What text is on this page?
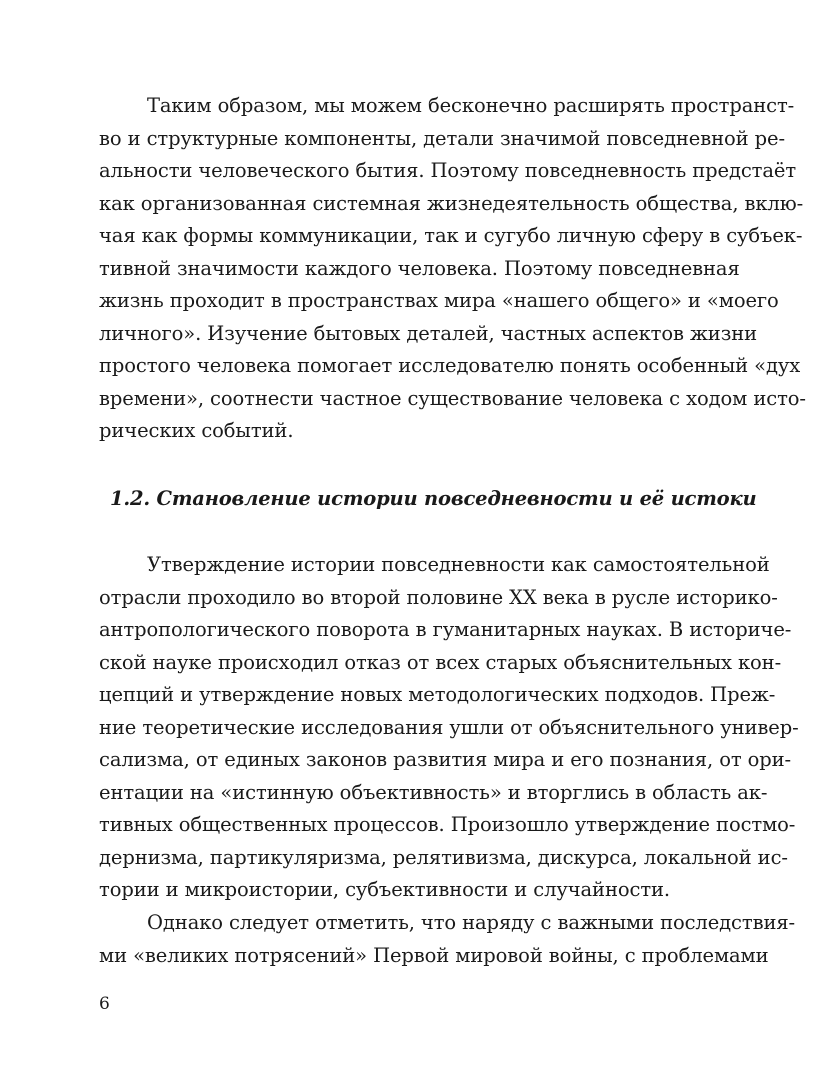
Таким образом, мы можем бесконечно расширять пространст-
во и структурные компоненты, детали значимой повседневной ре-
альности человеческого бытия. Поэтому повседневность предстаёт
как организованная системная жизнедеятельность общества, вклю-
чая как формы коммуникации, так и сугубо личную сферу в субъек-
тивной значимости каждого человека. Поэтому повседневная
жизнь проходит в пространствах мира «нашего общего» и «моего
личного». Изучение бытовых деталей, частных аспектов жизни
простого человека помогает исследователю понять особенный «дух
времени», соотнести частное существование человека с ходом исто-
рических событий.
1.2. Становление истории повседневности и её истоки
Утверждение истории повседневности как самостоятельной
отрасли проходило во второй половине XX века в русле историко-
антропологического поворота в гуманитарных науках. В историче-
ской науке происходил отказ от всех старых объяснительных кон-
цепций и утверждение новых методологических подходов. Преж-
ние теоретические исследования ушли от объяснительного универ-
сализма, от единых законов развития мира и его познания, от ори-
ентации на «истинную объективность» и вторглись в область ак-
тивных общественных процессов. Произошло утверждение постмо-
дернизма, партикуляризма, релятивизма, дискурса, локальной ис-
тории и микроистории, субъективности и случайности.
Однако следует отметить, что наряду с важными последствия-
ми «великих потрясений» Первой мировой войны, с проблемами
6
